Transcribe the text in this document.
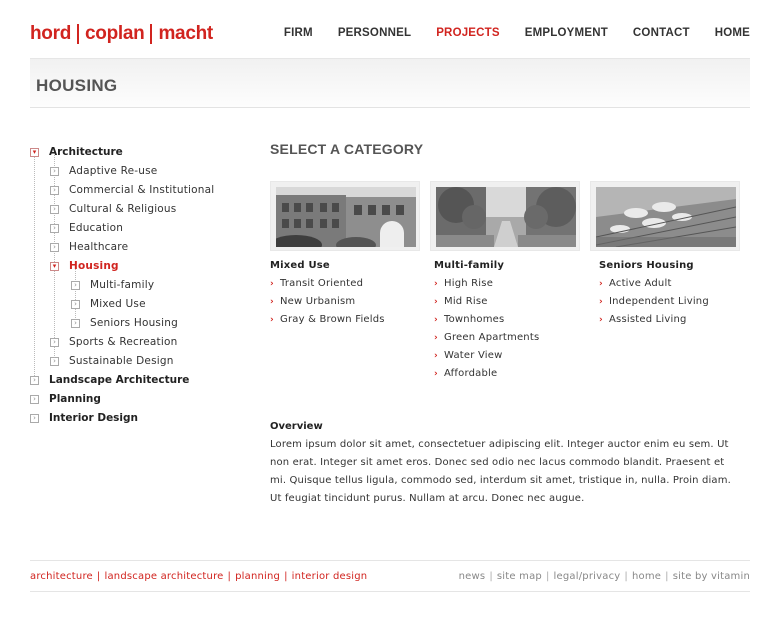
hord coplan macht	FIRM PERSONNEL PROJECTS EMPLOYMENT CONTACT HOME
HOUSING
▾ Architecture
› Adaptive Re-use
› Commercial & Institutional
› Cultural & Religious
› Education
› Healthcare
▾ Housing
› Multi-family
› Mixed Use
› Seniors Housing
› Sports & Recreation
› Sustainable Design
› Landscape Architecture
› Planning
› Interior Design
SELECT A CATEGORY
Mixed Use
› Transit Oriented
› New Urbanism
› Gray & Brown Fields
Multi-family
› High Rise
› Mid Rise
› Townhomes
› Green Apartments
› Water View
› Affordable
Seniors Housing
› Active Adult
› Independent Living
› Assisted Living
Overview

Lorem ipsum dolor sit amet, consectetuer adipiscing elit. Integer auctor enim eu sem. Ut non erat. Integer sit amet eros. Donec sed odio nec lacus commodo blandit. Praesent et mi. Quisque tellus ligula, commodo sed, interdum sit amet, tristique in, nulla. Proin diam. Ut feugiat tincidunt purus. Nullam at arcu. Donec nec augue.

architecture | landscape architecture | planning | interior design	news | site map | legal/privacy | home | site by vitamin
